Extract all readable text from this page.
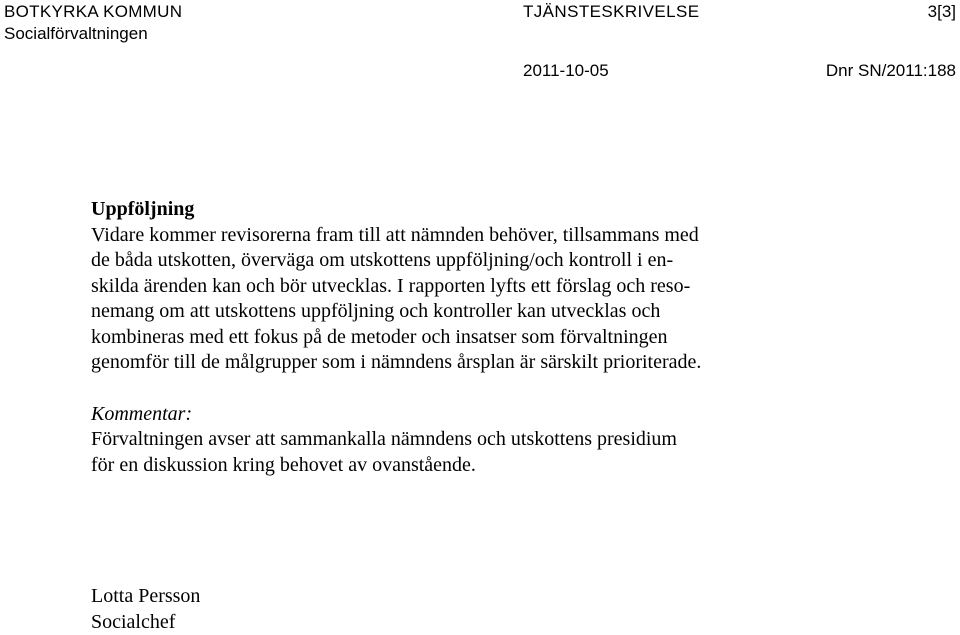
BOTKYRKA KOMMUN
Socialförvaltningen
TJÄNSTESKRIVELSE	3[3]
2011-10-05	Dnr SN/2011:188

Uppföljning

Vidare kommer revisorerna fram till att nämnden behöver, tillsammans med
de båda utskotten, överväga om utskottens uppföljning/och kontroll i en-
skilda ärenden kan och bör utvecklas. I rapporten lyfts ett förslag och reso-
nemang om att utskottens uppföljning och kontroller kan utvecklas och
kombineras med ett fokus på de metoder och insatser som förvaltningen
genomför till de målgrupper som i nämndens årsplan är särskilt prioriterade.

Kommentar:

Förvaltningen avser att sammankalla nämndens och utskottens presidium
för en diskussion kring behovet av ovanstående.

Lotta Persson
Socialchef
